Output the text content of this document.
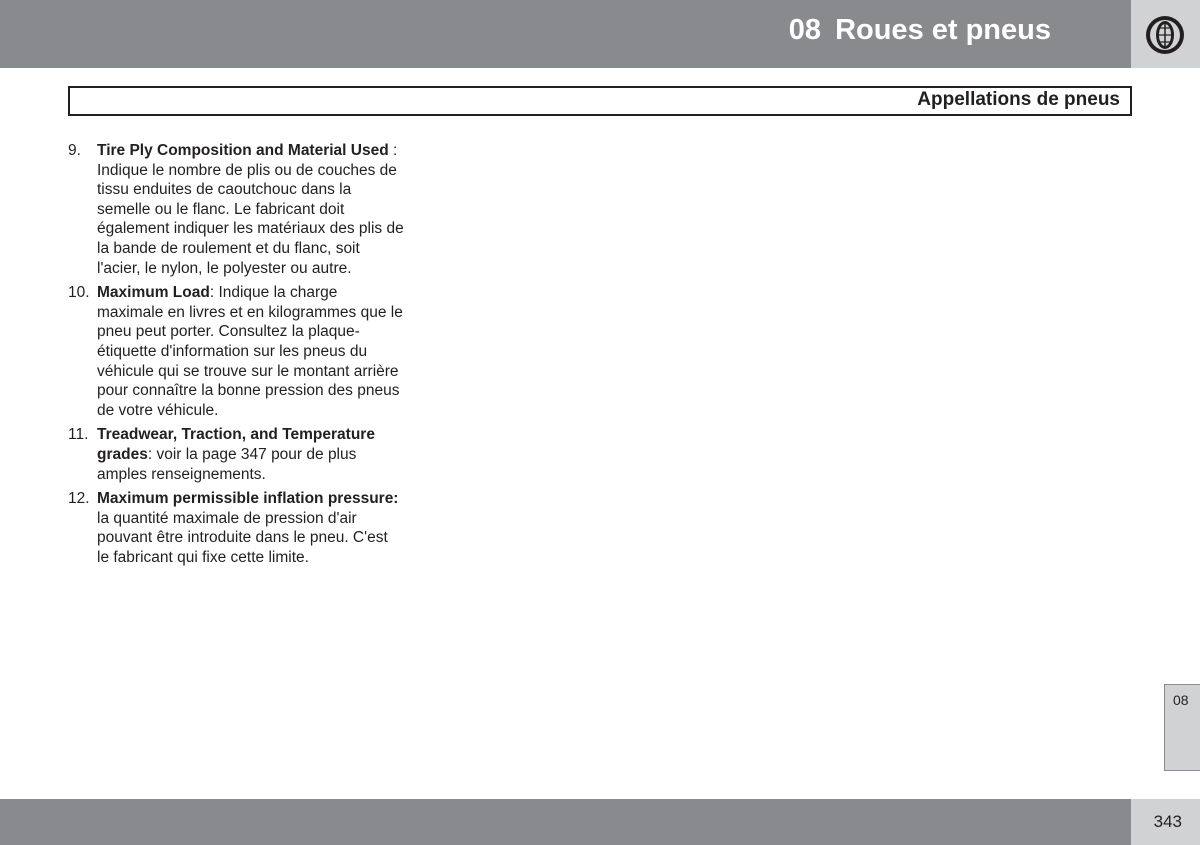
08 Roues et pneus
Appellations de pneus
9.	Tire Ply Composition and Material Used : Indique le nombre de plis ou de couches de tissu enduites de caoutchouc dans la semelle ou le flanc. Le fabricant doit également indiquer les matériaux des plis de la bande de roulement et du flanc, soit l'acier, le nylon, le polyester ou autre.
10. Maximum Load: Indique la charge maximale en livres et en kilogrammes que le pneu peut porter. Consultez la plaque-étiquette d'information sur les pneus du véhicule qui se trouve sur le montant arrière pour connaître la bonne pression des pneus de votre véhicule.
11. Treadwear, Traction, and Temperature grades: voir la page 347 pour de plus amples renseignements.
12. Maximum permissible inflation pressure: la quantité maximale de pression d'air pouvant être introduite dans le pneu. C'est le fabricant qui fixe cette limite.
08
343
